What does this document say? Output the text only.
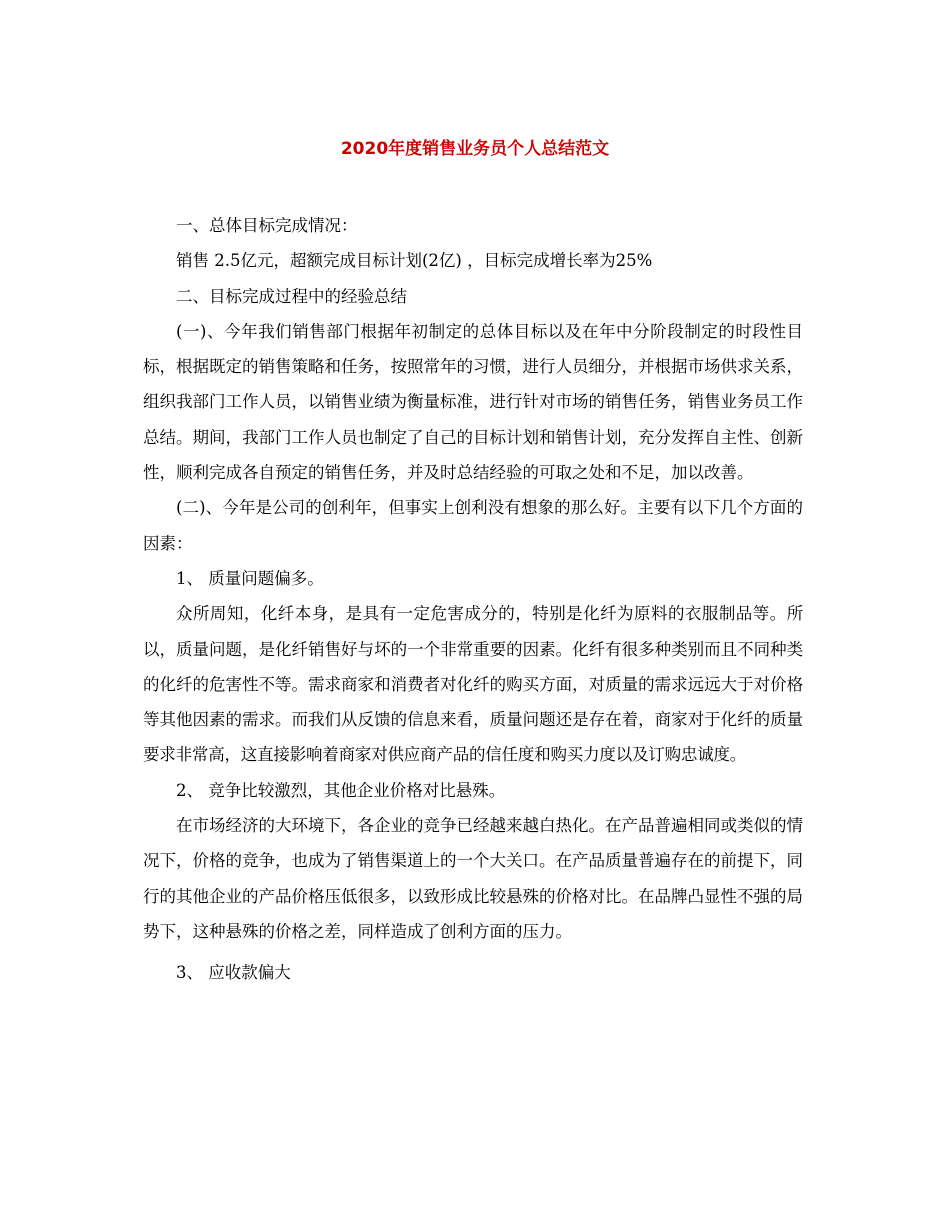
2020年度销售业务员个人总结范文

一、总体目标完成情况：

销售 2.5亿元，超额完成目标计划(2亿) ，目标完成增长率为25%

二、目标完成过程中的经验总结

(一)、今年我们销售部门根据年初制定的总体目标以及在年中分阶段制定的时段性目标，根据既定的销售策略和任务，按照常年的习惯，进行人员细分，并根据市场供求关系，组织我部门工作人员，以销售业绩为衡量标准，进行针对市场的销售任务，销售业务员工作总结。期间，我部门工作人员也制定了自己的目标计划和销售计划，充分发挥自主性、创新性，顺利完成各自预定的销售任务，并及时总结经验的可取之处和不足，加以改善。

(二)、今年是公司的创利年，但事实上创利没有想象的那么好。主要有以下几个方面的因素：

1、 质量问题偏多。

众所周知，化纤本身，是具有一定危害成分的，特别是化纤为原料的衣服制品等。所以，质量问题，是化纤销售好与坏的一个非常重要的因素。化纤有很多种类别而且不同种类的化纤的危害性不等。需求商家和消费者对化纤的购买方面，对质量的需求远远大于对价格等其他因素的需求。而我们从反馈的信息来看，质量问题还是存在着，商家对于化纤的质量要求非常高，这直接影响着商家对供应商产品的信任度和购买力度以及订购忠诚度。

2、 竞争比较激烈，其他企业价格对比悬殊。

在市场经济的大环境下，各企业的竞争已经越来越白热化。在产品普遍相同或类似的情况下，价格的竞争，也成为了销售渠道上的一个大关口。在产品质量普遍存在的前提下，同行的其他企业的产品价格压低很多，以致形成比较悬殊的价格对比。在品牌凸显性不强的局势下，这种悬殊的价格之差，同样造成了创利方面的压力。

3、 应收款偏大
